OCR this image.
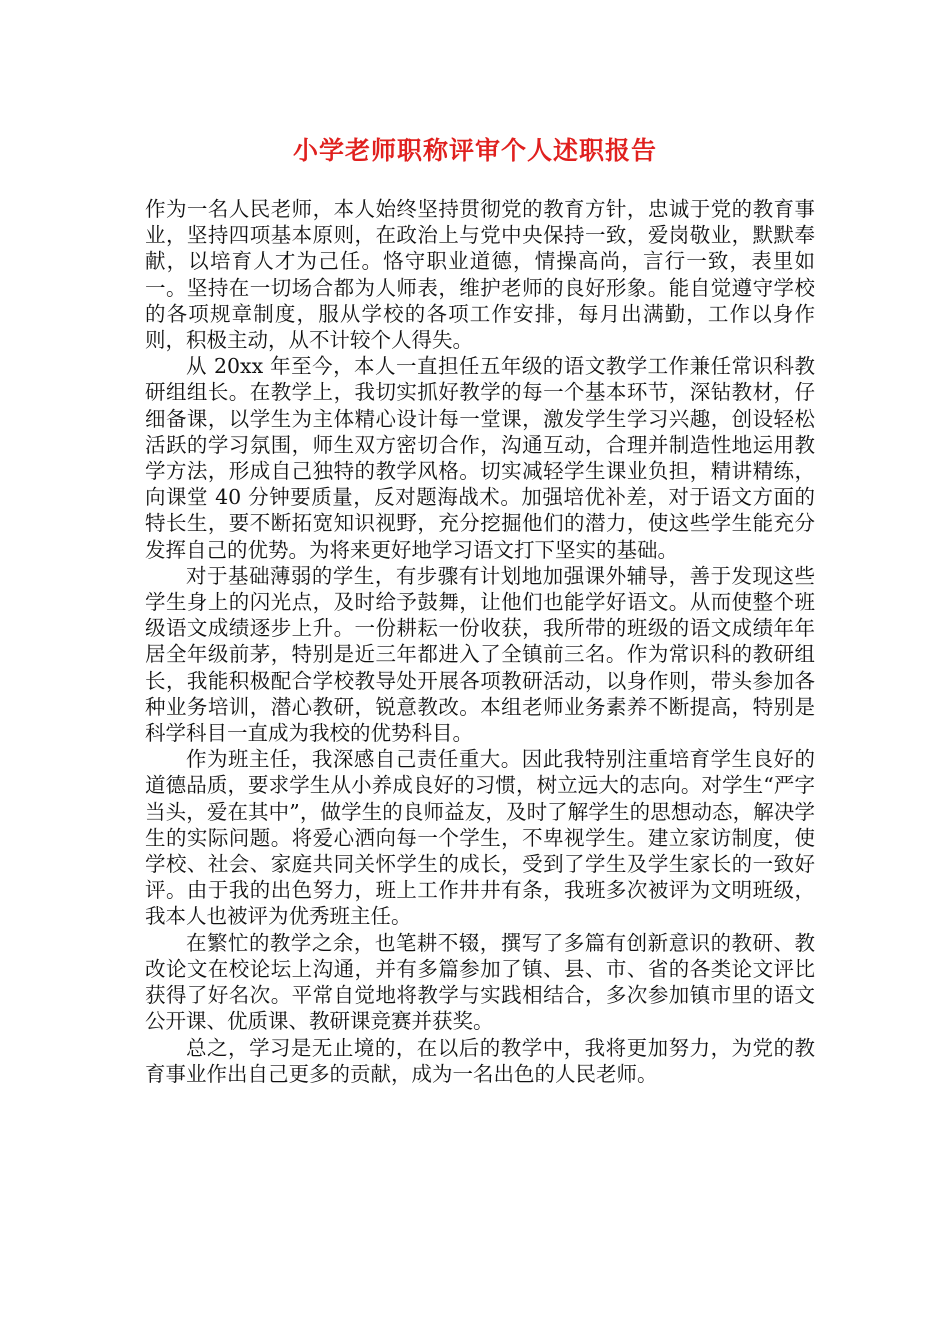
小学老师职称评审个人述职报告

作为一名人民老师，本人始终坚持贯彻党的教育方针，忠诚于党的教育事业，坚持四项基本原则，在政治上与党中央保持一致，爱岗敬业，默默奉献，以培育人才为己任。恪守职业道德，情操高尚，言行一致，表里如一。坚持在一切场合都为人师表，维护老师的良好形象。能自觉遵守学校的各项规章制度，服从学校的各项工作安排，每月出满勤，工作以身作则，积极主动，从不计较个人得失。

从 20xx 年至今，本人一直担任五年级的语文教学工作兼任常识科教研组组长。在教学上，我切实抓好教学的每一个基本环节，深钻教材，仔细备课，以学生为主体精心设计每一堂课，激发学生学习兴趣，创设轻松活跃的学习氛围，师生双方密切合作，沟通互动，合理并制造性地运用教学方法，形成自己独特的教学风格。切实减轻学生课业负担，精讲精练，向课堂 40 分钟要质量，反对题海战术。加强培优补差，对于语文方面的特长生，要不断拓宽知识视野，充分挖掘他们的潜力，使这些学生能充分发挥自己的优势。为将来更好地学习语文打下坚实的基础。

对于基础薄弱的学生，有步骤有计划地加强课外辅导，善于发现这些学生身上的闪光点，及时给予鼓舞，让他们也能学好语文。从而使整个班级语文成绩逐步上升。一份耕耘一份收获，我所带的班级的语文成绩年年居全年级前茅，特别是近三年都进入了全镇前三名。作为常识科的教研组长，我能积极配合学校教导处开展各项教研活动，以身作则，带头参加各种业务培训，潜心教研，锐意教改。本组老师业务素养不断提高，特别是科学科目一直成为我校的优势科目。

作为班主任，我深感自己责任重大。因此我特别注重培育学生良好的道德品质，要求学生从小养成良好的习惯，树立远大的志向。对学生“严字当头，爱在其中”，做学生的良师益友，及时了解学生的思想动态，解决学生的实际问题。将爱心洒向每一个学生，不卑视学生。建立家访制度，使学校、社会、家庭共同关怀学生的成长，受到了学生及学生家长的一致好评。由于我的出色努力，班上工作井井有条，我班多次被评为文明班级，我本人也被评为优秀班主任。

在繁忙的教学之余，也笔耕不辍，撰写了多篇有创新意识的教研、教改论文在校论坛上沟通，并有多篇参加了镇、县、市、省的各类论文评比获得了好名次。平常自觉地将教学与实践相结合，多次参加镇市里的语文公开课、优质课、教研课竞赛并获奖。

总之，学习是无止境的，在以后的教学中，我将更加努力，为党的教育事业作出自己更多的贡献，成为一名出色的人民老师。
